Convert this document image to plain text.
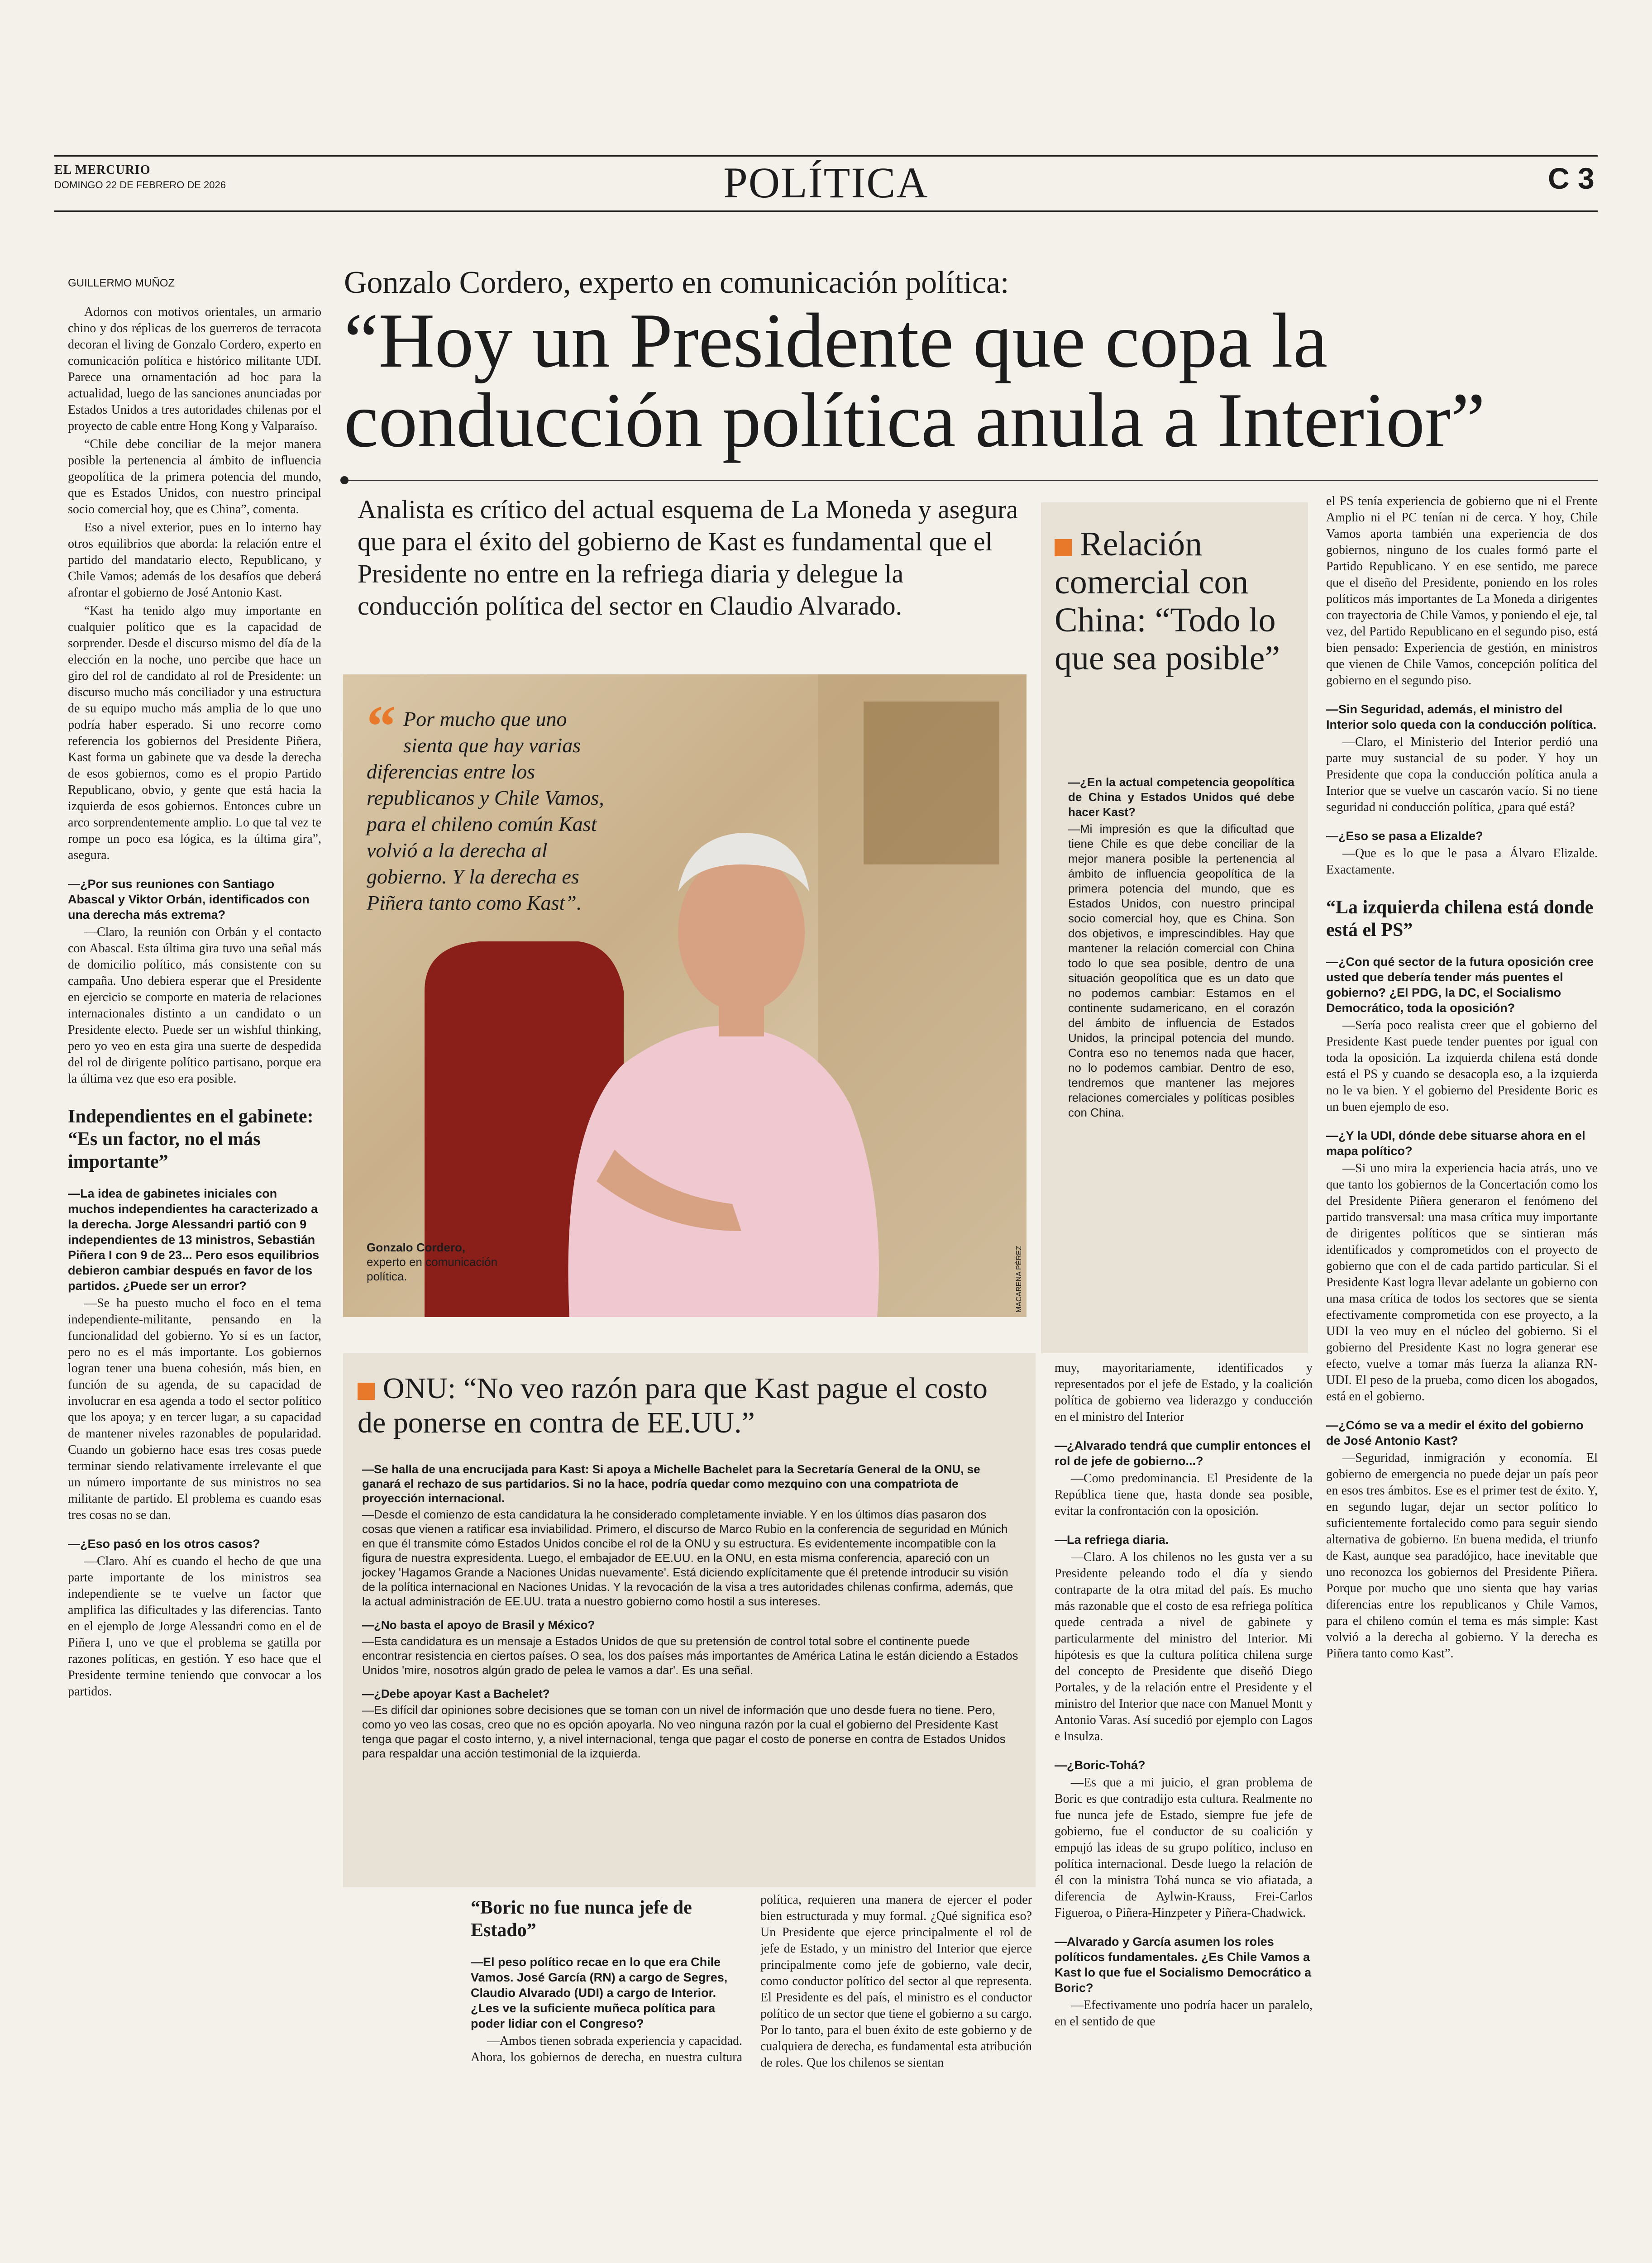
EL MERCURIO
DOMINGO 22 DE FEBRERO DE 2026	POLÍTICA	C 3
Gonzalo Cordero, experto en comunicación política:
“Hoy un Presidente que copa la conducción política anula a Interior”
Analista es crítico del actual esquema de La Moneda y asegura que para el éxito del gobierno de Kast es fundamental que el Presidente no entre en la refriega diaria y delegue la conducción política del sector en Claudio Alvarado.
GUILLERMO MUÑOZ

Adornos con motivos orientales, un armario chino y dos réplicas de los guerreros de terracota decoran el living de Gonzalo Cordero, experto en comunicación política e histórico militante UDI. Parece una ornamentación ad hoc para la actualidad, luego de las sanciones anunciadas por Estados Unidos a tres autoridades chilenas por el proyecto de cable entre Hong Kong y Valparaíso.

“Chile debe conciliar de la mejor manera posible la pertenencia al ámbito de influencia geopolítica de la primera potencia del mundo, que es Estados Unidos, con nuestro principal socio comercial hoy, que es China”, comenta.

Eso a nivel exterior, pues en lo interno hay otros equilibrios que aborda: la relación entre el partido del mandatario electo, Republicano, y Chile Vamos; además de los desafíos que deberá afrontar el gobierno de José Antonio Kast.

“Kast ha tenido algo muy importante en cualquier político que es la capacidad de sorprender. Desde el discurso mismo del día de la elección en la noche, uno percibe que hace un giro del rol de candidato al rol de Presidente: un discurso mucho más conciliador y una estructura de su equipo mucho más amplia de lo que uno podría haber esperado. Si uno recorre como referencia los gobiernos del Presidente Piñera, Kast forma un gabinete que va desde la derecha de esos gobiernos, como es el propio Partido Republicano, obvio, y gente que está hacia la izquierda de esos gobiernos. Entonces cubre un arco sorprendentemente amplio. Lo que tal vez te rompe un poco esa lógica, es la última gira”, asegura.

—¿Por sus reuniones con Santiago Abascal y Viktor Orbán, identificados con una derecha más extrema?

—Claro, la reunión con Orbán y el contacto con Abascal. Esta última gira tuvo una señal más de domicilio político, más consistente con su campaña. Uno debiera esperar que el Presidente en ejercicio se comporte en materia de relaciones internacionales distinto a un candidato o un Presidente electo. Puede ser un wishful thinking, pero yo veo en esta gira una suerte de despedida del rol de dirigente político partisano, porque era la última vez que eso era posible.

Independientes en el gabinete: “Es un factor, no el más importante”

—La idea de gabinetes iniciales con muchos independientes ha caracterizado a la derecha. Jorge Alessandri partió con 9 independientes de 13 ministros, Sebastián Piñera I con 9 de 23... Pero esos equilibrios debieron cambiar después en favor de los partidos. ¿Puede ser un error?

—Se ha puesto mucho el foco en el tema independiente-militante, pensando en la funcionalidad del gobierno. Yo sí es un factor, pero no es el más importante. Los gobiernos logran tener una buena cohesión, más bien, en función de su agenda, de su capacidad de involucrar en esa agenda a todo el sector político que los apoya; y en tercer lugar, a su capacidad de mantener niveles razonables de popularidad. Cuando un gobierno hace esas tres cosas puede terminar siendo relativamente irrelevante el que un número importante de sus ministros no sea militante de partido. El problema es cuando esas tres cosas no se dan.

—¿Eso pasó en los otros casos?

—Claro. Ahí es cuando el hecho de que una parte importante de los ministros sea independiente se te vuelve un factor que amplifica las dificultades y las diferencias. Tanto en el ejemplo de Jorge Alessandri como en el de Piñera I, uno ve que el problema se gatilla por razones políticas, en gestión. Y eso hace que el Presidente termine teniendo que convocar a los partidos.

“ Por mucho que uno sienta que hay varias diferencias entre los republicanos y Chile Vamos, para el chileno común Kast volvió a la derecha al gobierno. Y la derecha es Piñera tanto como Kast”.
Gonzalo Cordero,
experto en comunicación política.	MACARENA PÉREZ
Relación comercial con China: “Todo lo que sea posible”

—¿En la actual competencia geopolítica de China y Estados Unidos qué debe hacer Kast?

—Mi impresión es que la dificultad que tiene Chile es que debe conciliar de la mejor manera posible la pertenencia al ámbito de influencia geopolítica de la primera potencia del mundo, que es Estados Unidos, con nuestro principal socio comercial hoy, que es China. Son dos objetivos, e imprescindibles. Hay que mantener la relación comercial con China todo lo que sea posible, dentro de una situación geopolítica que es un dato que no podemos cambiar: Estamos en el continente sudamericano, en el corazón del ámbito de influencia de Estados Unidos, la principal potencia del mundo. Contra eso no tenemos nada que hacer, no lo podemos cambiar. Dentro de eso, tendremos que mantener las mejores relaciones comerciales y políticas posibles con China.

el PS tenía experiencia de gobierno que ni el Frente Amplio ni el PC tenían ni de cerca. Y hoy, Chile Vamos aporta también una experiencia de dos gobiernos, ninguno de los cuales formó parte el Partido Republicano. Y en ese sentido, me parece que el diseño del Presidente, poniendo en los roles políticos más importantes de La Moneda a dirigentes con trayectoria de Chile Vamos, y poniendo el eje, tal vez, del Partido Republicano en el segundo piso, está bien pensado: Experiencia de gestión, en ministros que vienen de Chile Vamos, concepción política del gobierno en el segundo piso.

—Sin Seguridad, además, el ministro del Interior solo queda con la conducción política.

—Claro, el Ministerio del Interior perdió una parte muy sustancial de su poder. Y hoy un Presidente que copa la conducción política anula a Interior que se vuelve un cascarón vacío. Si no tiene seguridad ni conducción política, ¿para qué está?

—¿Eso se pasa a Elizalde?

—Que es lo que le pasa a Álvaro Elizalde. Exactamente.

“La izquierda chilena está donde está el PS”

—¿Con qué sector de la futura oposición cree usted que debería tender más puentes el gobierno? ¿El PDG, la DC, el Socialismo Democrático, toda la oposición?

—Sería poco realista creer que el gobierno del Presidente Kast puede tender puentes por igual con toda la oposición. La izquierda chilena está donde está el PS y cuando se desacopla eso, a la izquierda no le va bien. Y el gobierno del Presidente Boric es un buen ejemplo de eso.

—¿Y la UDI, dónde debe situarse ahora en el mapa político?

—Si uno mira la experiencia hacia atrás, uno ve que tanto los gobiernos de la Concertación como los del Presidente Piñera generaron el fenómeno del partido transversal: una masa crítica muy importante de dirigentes políticos que se sintieran más identificados y comprometidos con el proyecto de gobierno que con el de cada partido particular. Si el Presidente Kast logra llevar adelante un gobierno con una masa crítica de todos los sectores que se sienta efectivamente comprometida con ese proyecto, a la UDI la veo muy en el núcleo del gobierno. Si el gobierno del Presidente Kast no logra generar ese efecto, vuelve a tomar más fuerza la alianza RN-UDI. El peso de la prueba, como dicen los abogados, está en el gobierno.

—¿Cómo se va a medir el éxito del gobierno de José Antonio Kast?

—Seguridad, inmigración y economía. El gobierno de emergencia no puede dejar un país peor en esos tres ámbitos. Ese es el primer test de éxito. Y, en segundo lugar, dejar un sector político lo suficientemente fortalecido como para seguir siendo alternativa de gobierno. En buena medida, el triunfo de Kast, aunque sea paradójico, hace inevitable que uno reconozca los gobiernos del Presidente Piñera. Porque por mucho que uno sienta que hay varias diferencias entre los republicanos y Chile Vamos, para el chileno común el tema es más simple: Kast volvió a la derecha al gobierno. Y la derecha es Piñera tanto como Kast”.

ONU: “No veo razón para que Kast pague el costo de ponerse en contra de EE.UU.”

—Se halla de una encrucijada para Kast: Si apoya a Michelle Bachelet para la Secretaría General de la ONU, se ganará el rechazo de sus partidarios. Si no la hace, podría quedar como mezquino con una compatriota de proyección internacional.

—Desde el comienzo de esta candidatura la he considerado completamente inviable. Y en los últimos días pasaron dos cosas que vienen a ratificar esa inviabilidad. Primero, el discurso de Marco Rubio en la conferencia de seguridad en Múnich en que él transmite cómo Estados Unidos concibe el rol de la ONU y su estructura. Es evidentemente incompatible con la figura de nuestra expresidenta. Luego, el embajador de EE.UU. en la ONU, en esta misma conferencia, apareció con un jockey 'Hagamos Grande a Naciones Unidas nuevamente'. Está diciendo explícitamente que él pretende introducir su visión de la política internacional en Naciones Unidas. Y la revocación de la visa a tres autoridades chilenas confirma, además, que la actual administración de EE.UU. trata a nuestro gobierno como hostil a sus intereses.

—¿No basta el apoyo de Brasil y México?

—Esta candidatura es un mensaje a Estados Unidos de que su pretensión de control total sobre el continente puede encontrar resistencia en ciertos países. O sea, los dos países más importantes de América Latina le están diciendo a Estados Unidos 'mire, nosotros algún grado de pelea le vamos a dar'. Es una señal.

—¿Debe apoyar Kast a Bachelet?

—Es difícil dar opiniones sobre decisiones que se toman con un nivel de información que uno desde fuera no tiene. Pero, como yo veo las cosas, creo que no es opción apoyarla. No veo ninguna razón por la cual el gobierno del Presidente Kast tenga que pagar el costo interno, y, a nivel internacional, tenga que pagar el costo de ponerse en contra de Estados Unidos para respaldar una acción testimonial de la izquierda.

“Boric no fue nunca jefe de Estado”

—El peso político recae en lo que era Chile Vamos. José García (RN) a cargo de Segres, Claudio Alvarado (UDI) a cargo de Interior. ¿Les ve la suficiente muñeca política para poder lidiar con el Congreso?

—Ambos tienen sobrada experiencia y capacidad. Ahora, los gobiernos de derecha, en nuestra cultura política, requieren una manera de ejercer el poder bien estructurada y muy formal. ¿Qué significa eso? Un Presidente que ejerce principalmente el rol de jefe de Estado, y un ministro del Interior que ejerce principalmente como jefe de gobierno, vale decir, como conductor político del sector al que representa. El Presidente es del país, el ministro es el conductor político de un sector que tiene el gobierno a su cargo. Por lo tanto, para el buen éxito de este gobierno y de cualquiera de derecha, es fundamental esta atribución de roles. Que los chilenos se sientan

muy, mayoritariamente, identificados y representados por el jefe de Estado, y la coalición política de gobierno vea liderazgo y conducción en el ministro del Interior

—¿Alvarado tendrá que cumplir entonces el rol de jefe de gobierno...?

—Como predominancia. El Presidente de la República tiene que, hasta donde sea posible, evitar la confrontación con la oposición.

—La refriega diaria.

—Claro. A los chilenos no les gusta ver a su Presidente peleando todo el día y siendo contraparte de la otra mitad del país. Es mucho más razonable que el costo de esa refriega política quede centrada a nivel de gabinete y particularmente del ministro del Interior. Mi hipótesis es que la cultura política chilena surge del concepto de Presidente que diseñó Diego Portales, y de la relación entre el Presidente y el ministro del Interior que nace con Manuel Montt y Antonio Varas. Así sucedió por ejemplo con Lagos e Insulza.

—¿Boric-Tohá?

—Es que a mi juicio, el gran problema de Boric es que contradijo esta cultura. Realmente no fue nunca jefe de Estado, siempre fue jefe de gobierno, fue el conductor de su coalición y empujó las ideas de su grupo político, incluso en política internacional. Desde luego la relación de él con la ministra Tohá nunca se vio afiatada, a diferencia de Aylwin-Krauss, Frei-Carlos Figueroa, o Piñera-Hinzpeter y Piñera-Chadwick.

—Alvarado y García asumen los roles políticos fundamentales. ¿Es Chile Vamos a Kast lo que fue el Socialismo Democrático a Boric?

—Efectivamente uno podría hacer un paralelo, en el sentido de que
